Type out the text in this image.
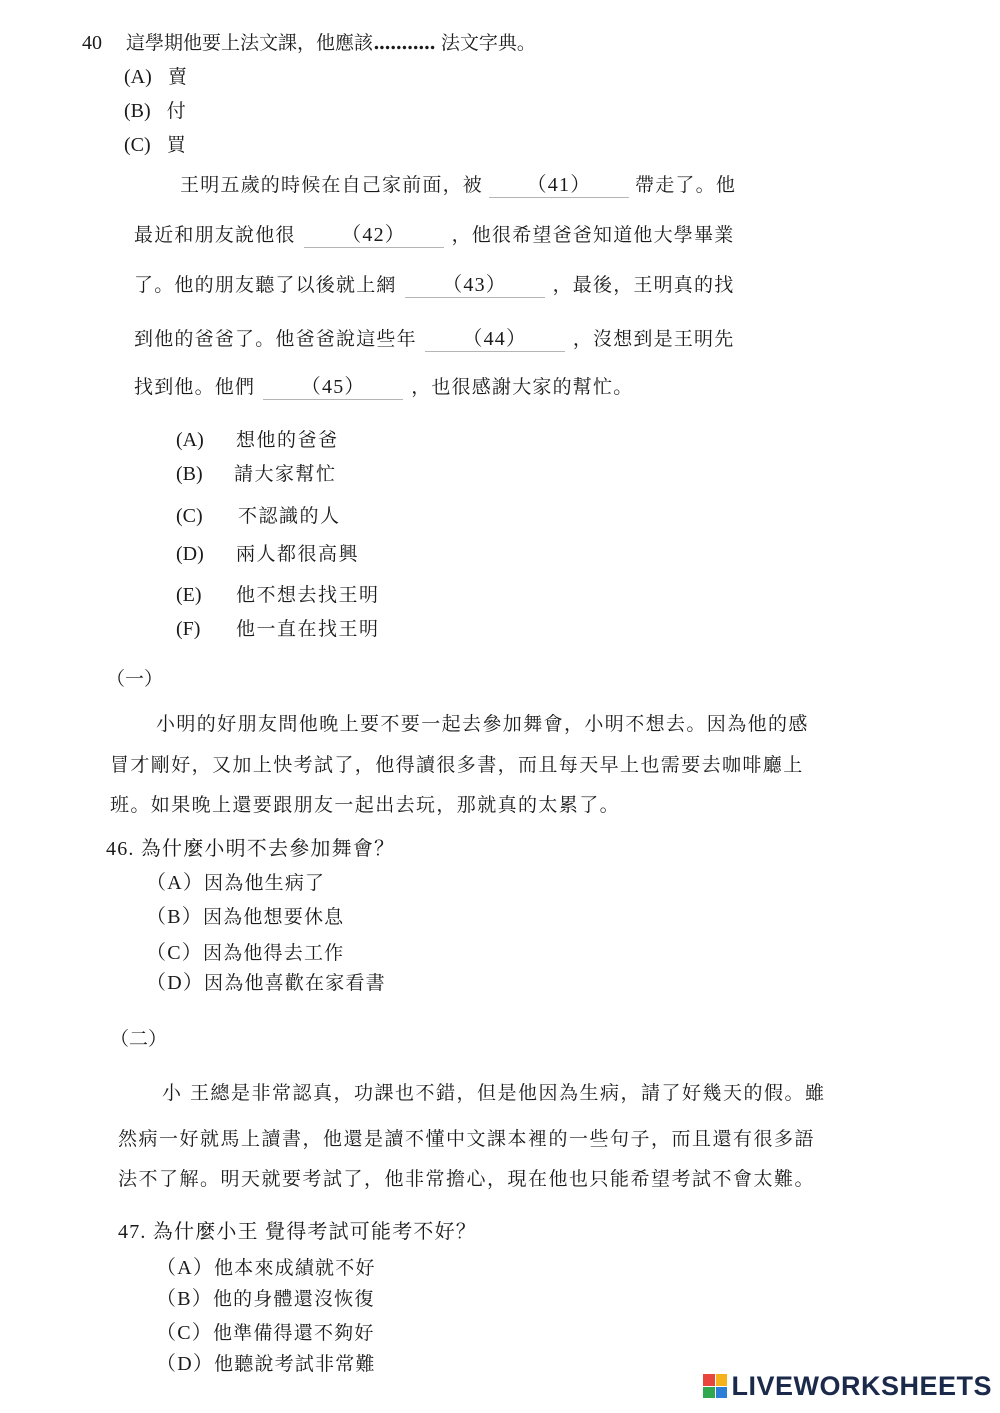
40 這學期他要上法文課，他應該........... 法文字典。
(A) 賣
(B) 付
(C) 買
王明五歲的時候在自己家前面，被 （41） 帶走了。他
最近和朋友說他很 （42） ，他很希望爸爸知道他大學畢業
了。他的朋友聽了以後就上網 （43） ，最後，王明真的找
到他的爸爸了。他爸爸說這些年 （44） ，沒想到是王明先
找到他。他們 （45） ，也很感謝大家的幫忙。
(A) 想他的爸爸
(B) 請大家幫忙
(C) 不認識的人
(D) 兩人都很高興
(E) 他不想去找王明
(F) 他一直在找王明
（一）
小明的好朋友問他晚上要不要一起去參加舞會，小明不想去。因為他的感
冒才剛好，又加上快考試了，他得讀很多書，而且每天早上也需要去咖啡廳上
班。如果晚上還要跟朋友一起出去玩，那就真的太累了。
46. 為什麼小明不去參加舞會？
（A）因為他生病了
（B）因為他想要休息
（C）因為他得去工作
（D）因為他喜歡在家看書
（二）
小 王總是非常認真，功課也不錯，但是他因為生病，請了好幾天的假。雖
然病一好就馬上讀書，他還是讀不懂中文課本裡的一些句子，而且還有很多語
法不了解。明天就要考試了，他非常擔心，現在他也只能希望考試不會太難。
47. 為什麼小王 覺得考試可能考不好？
（A）他本來成績就不好
（B）他的身體還沒恢復
（C）他準備得還不夠好
（D）他聽說考試非常難
LIVEWORKSHEETS
